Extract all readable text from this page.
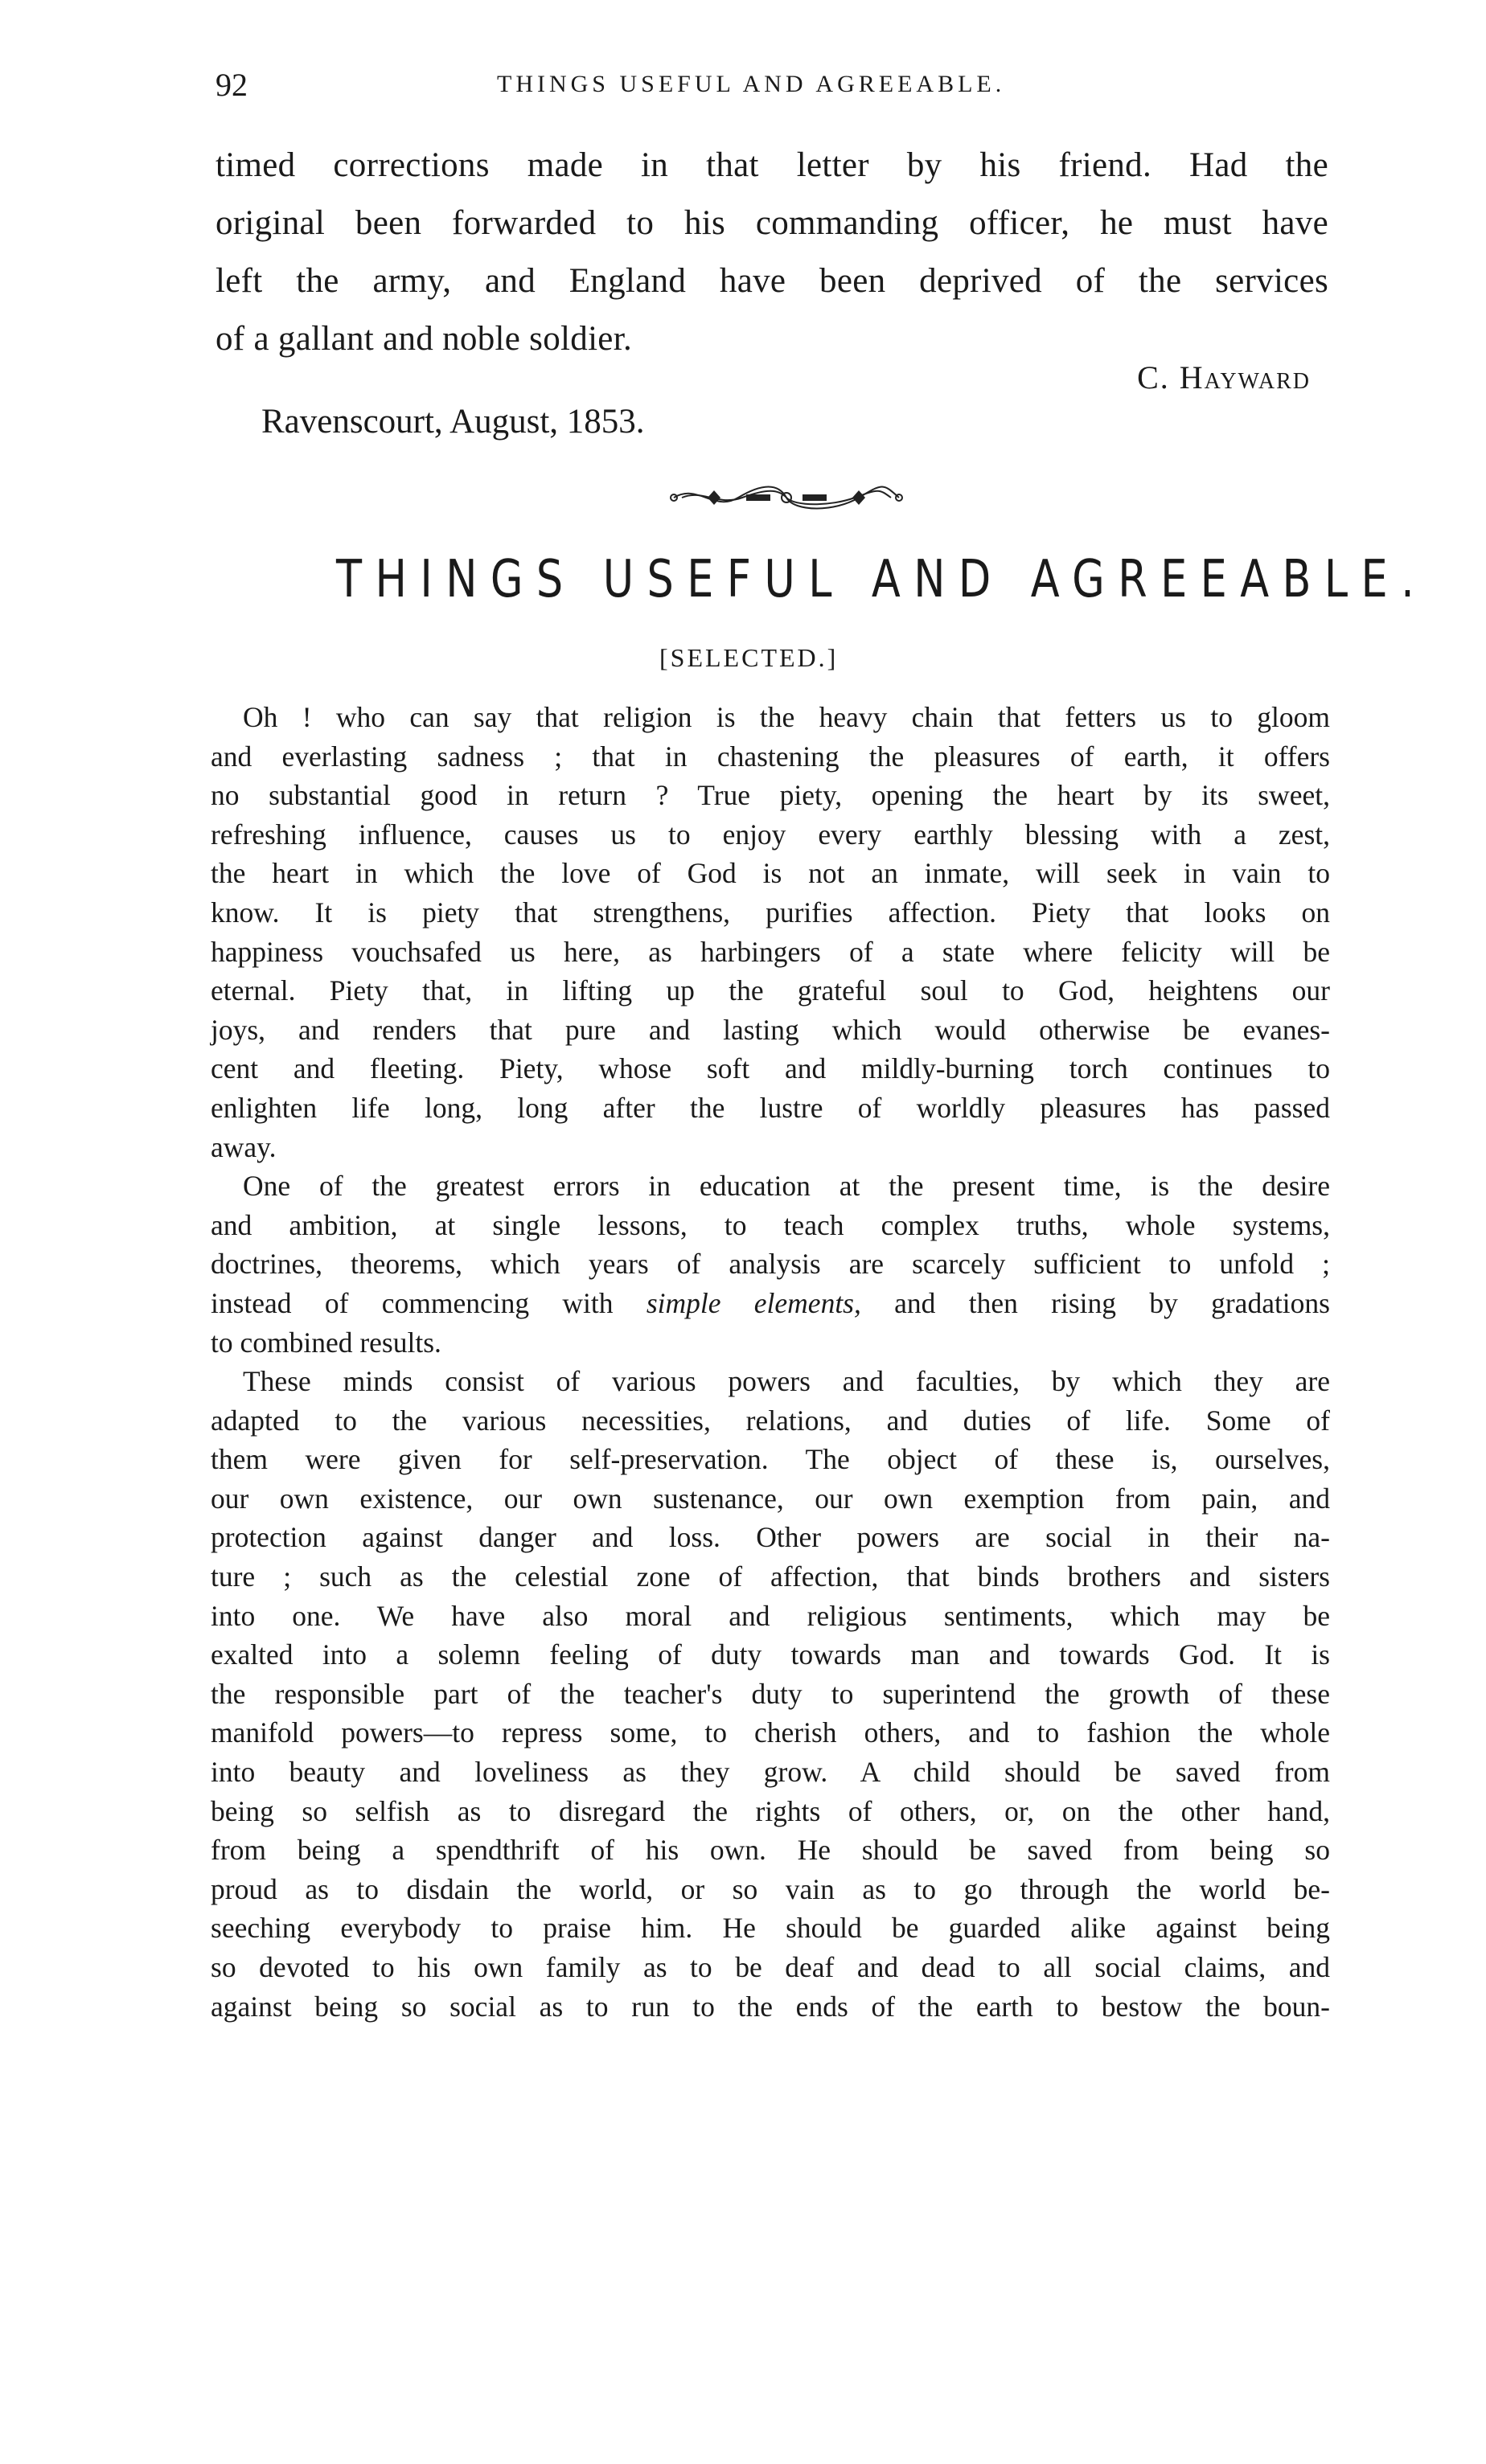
92	THINGS USEFUL AND AGREEABLE.
timed corrections made in that letter by his friend. Had the
original been forwarded to his commanding officer, he must have
left the army, and England have been deprived of the services
of a gallant and noble soldier.
C. Hayward
Ravenscourt, August, 1853.
THINGS USEFUL AND AGREEABLE.
[SELECTED.]
Oh ! who can say that religion is the heavy chain that fetters us to gloom
and everlasting sadness ; that in chastening the pleasures of earth, it offers
no substantial good in return ? True piety, opening the heart by its sweet,
refreshing influence, causes us to enjoy every earthly blessing with a zest,
the heart in which the love of God is not an inmate, will seek in vain to
know. It is piety that strengthens, purifies affection. Piety that looks on
happiness vouchsafed us here, as harbingers of a state where felicity will be
eternal. Piety that, in lifting up the grateful soul to God, heightens our
joys, and renders that pure and lasting which would otherwise be evanes-
cent and fleeting. Piety, whose soft and mildly-burning torch continues to
enlighten life long, long after the lustre of worldly pleasures has passed
away.
One of the greatest errors in education at the present time, is the desire
and ambition, at single lessons, to teach complex truths, whole systems,
doctrines, theorems, which years of analysis are scarcely sufficient to unfold ;
instead of commencing with simple elements, and then rising by gradations
to combined results.
These minds consist of various powers and faculties, by which they are
adapted to the various necessities, relations, and duties of life. Some of
them were given for self-preservation. The object of these is, ourselves,
our own existence, our own sustenance, our own exemption from pain, and
protection against danger and loss. Other powers are social in their na-
ture ; such as the celestial zone of affection, that binds brothers and sisters
into one. We have also moral and religious sentiments, which may be
exalted into a solemn feeling of duty towards man and towards God. It is
the responsible part of the teacher's duty to superintend the growth of these
manifold powers—to repress some, to cherish others, and to fashion the whole
into beauty and loveliness as they grow. A child should be saved from
being so selfish as to disregard the rights of others, or, on the other hand,
from being a spendthrift of his own. He should be saved from being so
proud as to disdain the world, or so vain as to go through the world be-
seeching everybody to praise him. He should be guarded alike against being
so devoted to his own family as to be deaf and dead to all social claims, and
against being so social as to run to the ends of the earth to bestow the boun-
